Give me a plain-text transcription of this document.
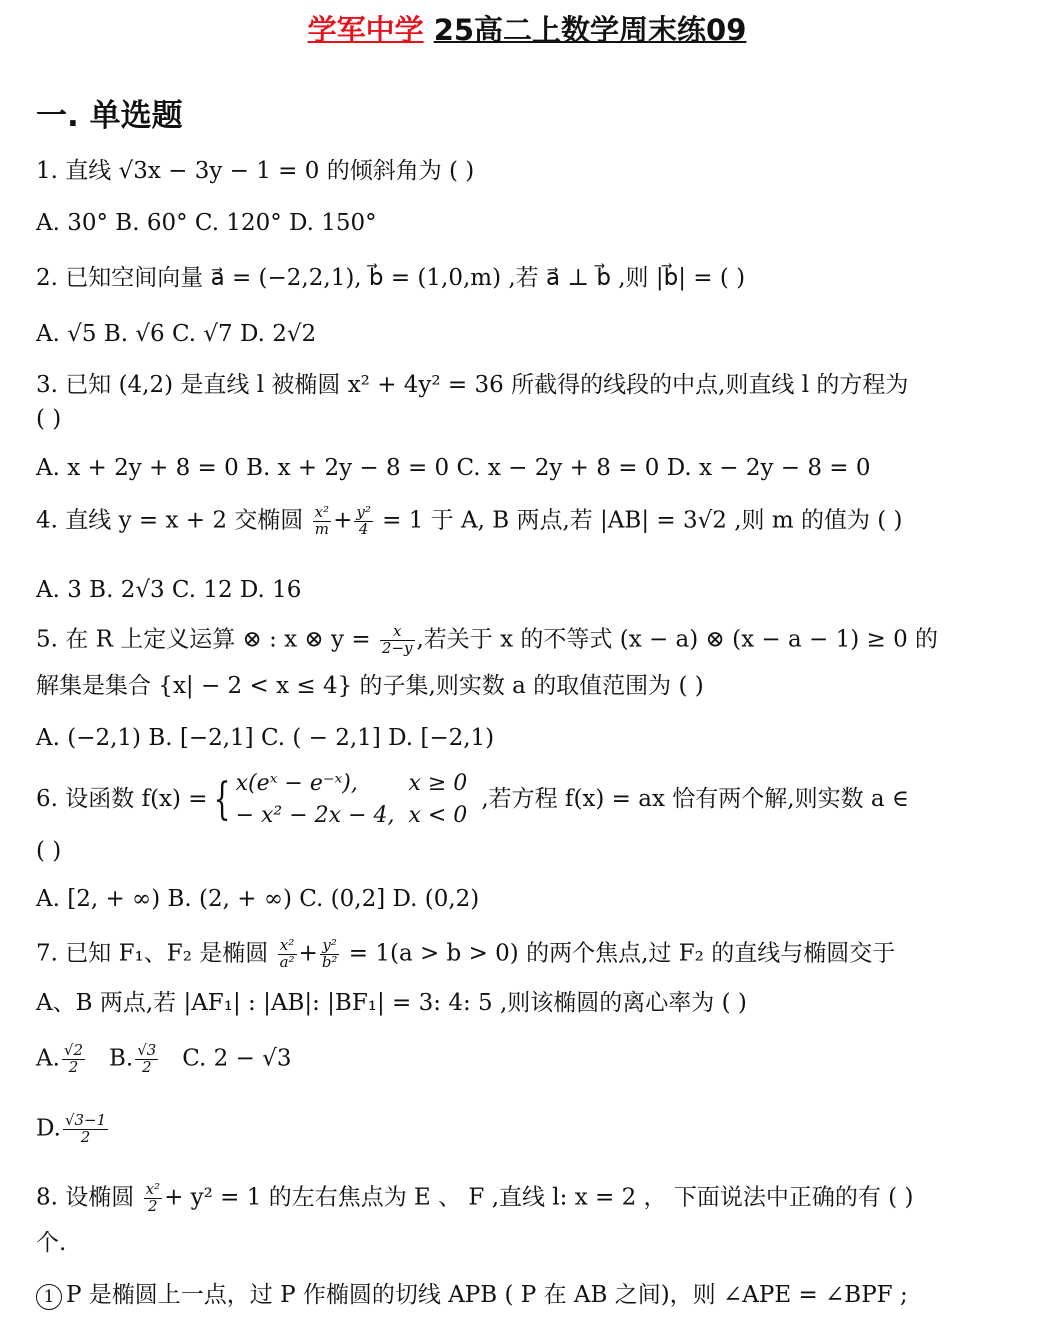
学军中学 25高二上数学周末练09
一. 单选题
1. 直线 √3x − 3y − 1 = 0 的倾斜角为 ( )
A. 30° B. 60° C. 120° D. 150°
2. 已知空间向量 a⃗ = (−2,2,1), b⃗ = (1,0,m) ,若 a⃗ ⊥ b⃗ ,则 |b⃗| = ( )
A. √5 B. √6 C. √7 D. 2√2
3. 已知 (4,2) 是直线 l 被椭圆 x² + 4y² = 36 所截得的线段的中点,则直线 l 的方程为
( )
A. x + 2y + 8 = 0 B. x + 2y − 8 = 0 C. x − 2y + 8 = 0 D. x − 2y − 8 = 0
4. 直线 y = x + 2 交椭圆 $\frac{\text{x²}}{m} + \frac{\text{y²}}{4} = 1$ 于 A, B 两点,若 |AB| = 3√2 ,则 m 的值为 ( )
A. 3 B. 2√3 C. 12 D. 16
5. 在 R 上定义运算 ⊗ : x ⊗ $y = \frac{x}{2-y}$ ,若关于 x 的不等式 (x − a) ⊗ (x − a − 1) ≥ 0 的
解集是集合 {x| − 2 < x ≤ 4} 的子集,则实数 a 的取值范围为 ( )
A. (−2,1) B. [−2,1] C. ( − 2,1] D. [−2,1)
6. 设函数 f(x) = { x(eˣ − e⁻ˣ),	x ≥ 0
− x² − 2x − 4,	x < 0,若方程 f(x) = ax 恰有两个解,则实数 a ∈
( )
A. [2, + ∞) B. (2, + ∞) C. (0,2] D. (0,2)
7. 已知 F₁、F₂ 是椭圆 $\frac{\text{x²}}{\text{a²}} + \frac{\text{y²}}{\text{b²}} = 1(a > b > 0)$ 的两个焦点,过 F₂ 的直线与椭圆交于
A、B 两点,若 |AF₁| : |AB|: |BF₁| = 3: 4: 5 ,则该椭圆的离心率为 ( )
A. $\frac{√2}{2} B$. $\frac{√3}{2} C$. 2 − √3
D. $\frac{√3-1}{2}$
8. 设椭圆 $\frac{\text{x²}}{2} + y^2 = 1$ 的左右焦点为 E 、 F ,直线 l: x = 2 ， 下面说法中正确的有 ( )
个.
1 P 是椭圆上一点，过 P 作椭圆的切线 APB ( P 在 AB 之间)，则 ∠APE = ∠BPF ;
